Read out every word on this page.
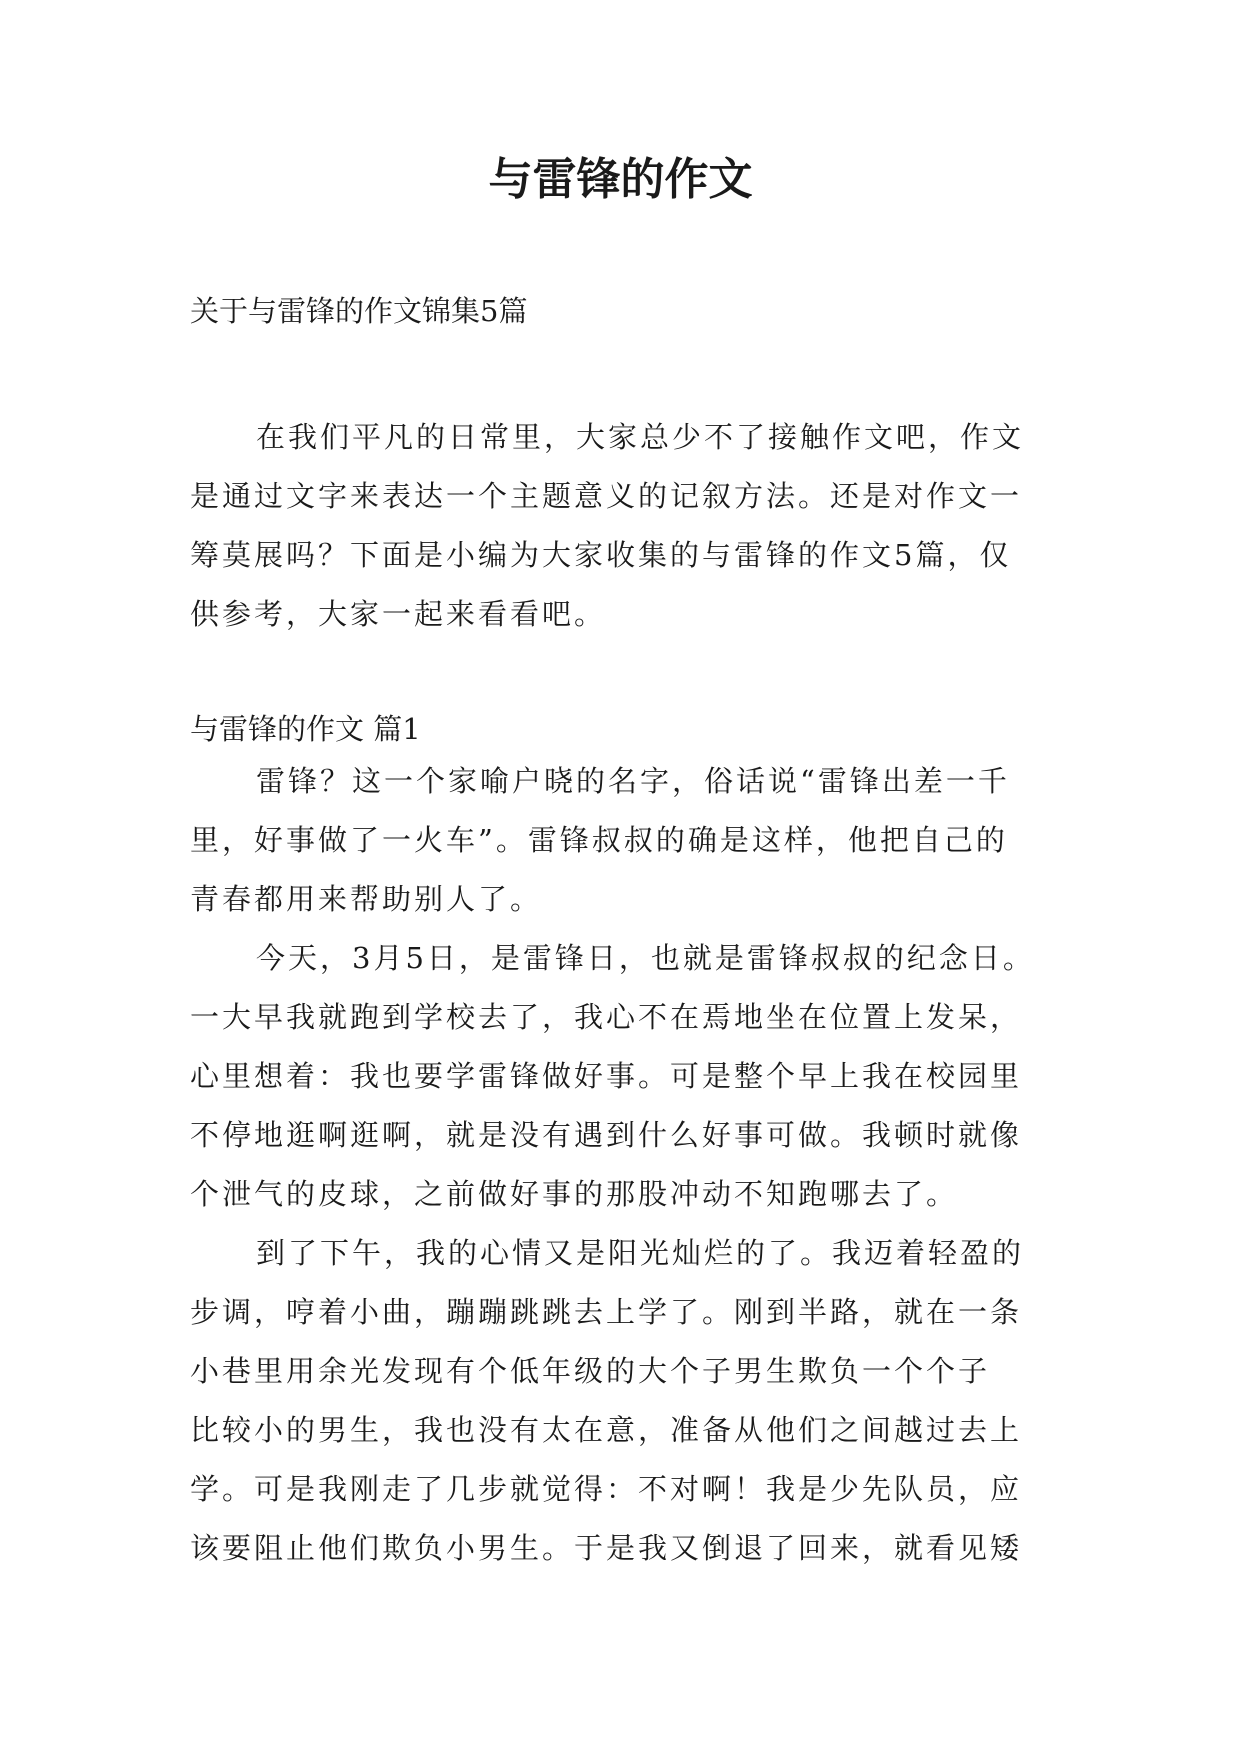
与雷锋的作文

关于与雷锋的作文锦集5篇

在我们平凡的日常里，大家总少不了接触作文吧，作文
是通过文字来表达一个主题意义的记叙方法。还是对作文一
筹莫展吗？下面是小编为大家收集的与雷锋的作文5篇，仅
供参考，大家一起来看看吧。

与雷锋的作文 篇1

雷锋？这一个家喻户晓的名字，俗话说“雷锋出差一千
里，好事做了一火车”。雷锋叔叔的确是这样，他把自己的
青春都用来帮助别人了。
今天，3月5日，是雷锋日，也就是雷锋叔叔的纪念日。
一大早我就跑到学校去了，我心不在焉地坐在位置上发呆，
心里想着：我也要学雷锋做好事。可是整个早上我在校园里
不停地逛啊逛啊，就是没有遇到什么好事可做。我顿时就像
个泄气的皮球，之前做好事的那股冲动不知跑哪去了。
到了下午，我的心情又是阳光灿烂的了。我迈着轻盈的
步调，哼着小曲，蹦蹦跳跳去上学了。刚到半路，就在一条
小巷里用余光发现有个低年级的大个子男生欺负一个个子
比较小的男生，我也没有太在意，准备从他们之间越过去上
学。可是我刚走了几步就觉得：不对啊！我是少先队员，应
该要阻止他们欺负小男生。于是我又倒退了回来，就看见矮
